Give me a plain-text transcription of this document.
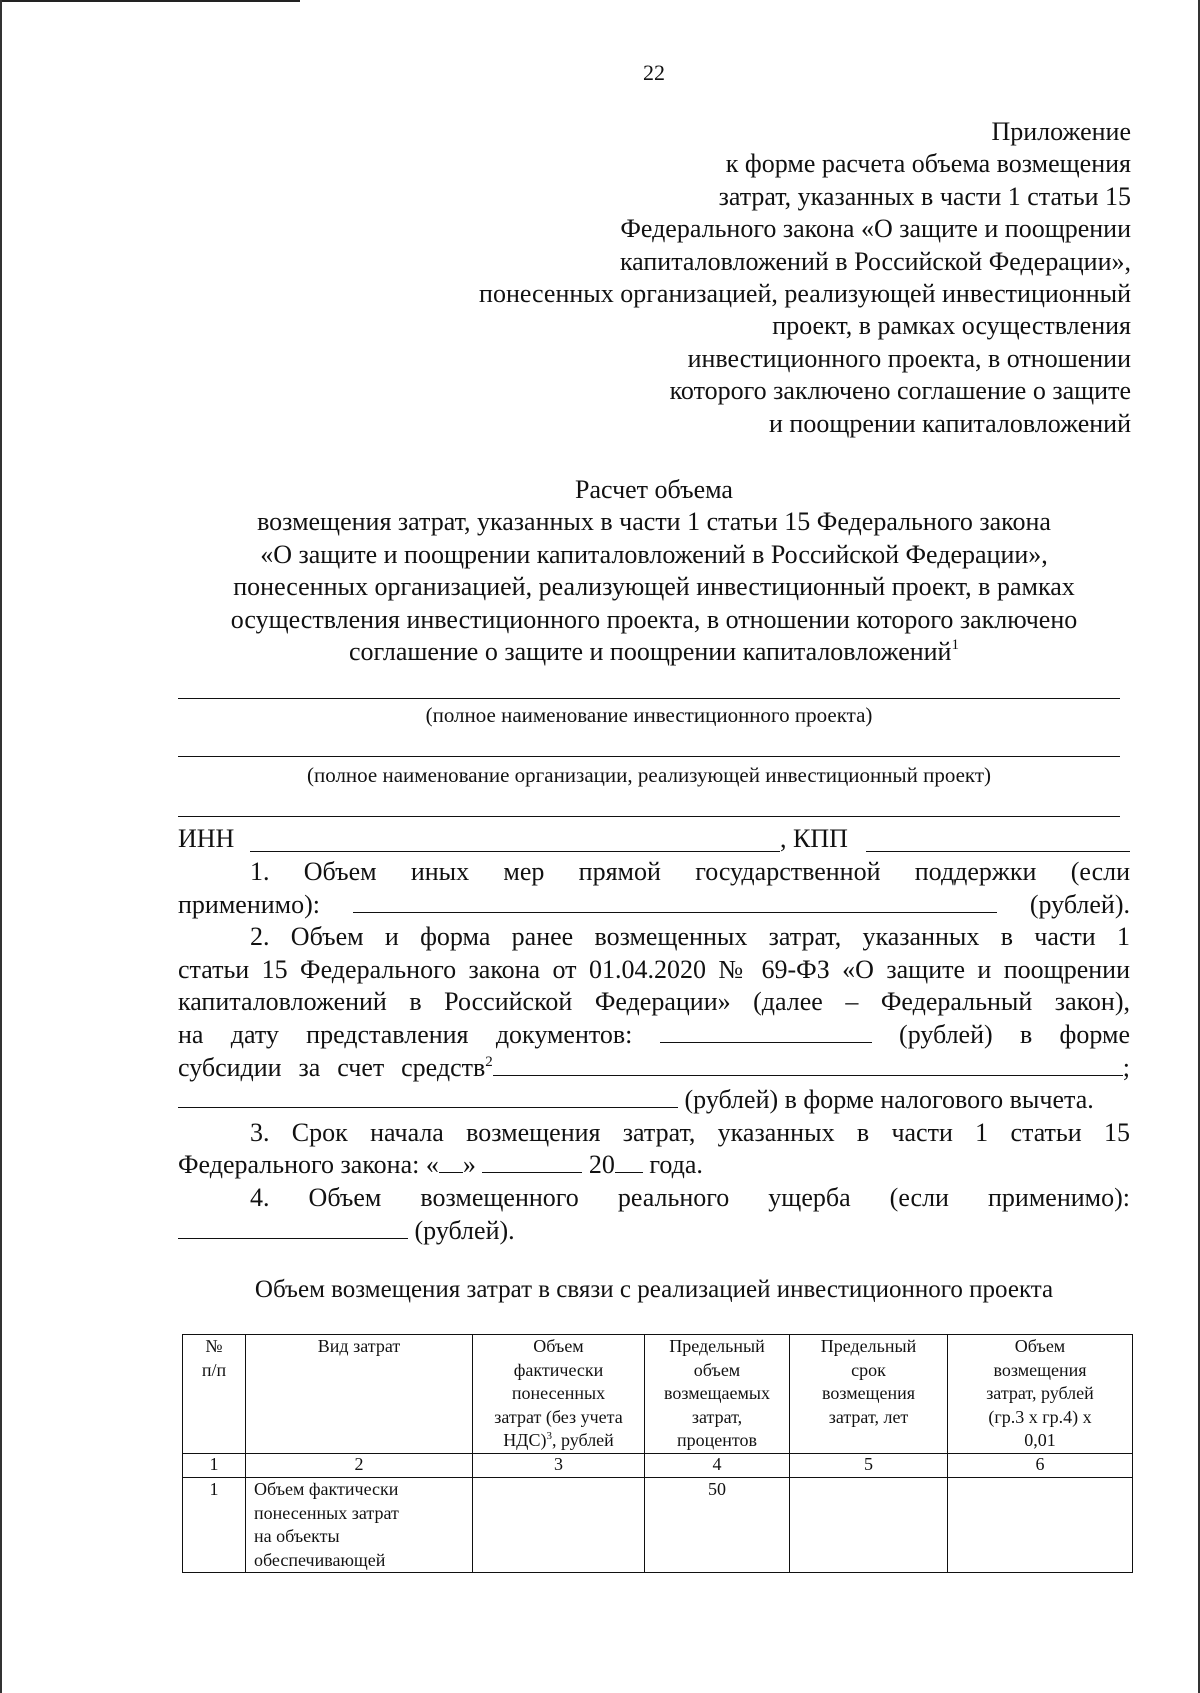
22
Приложение
к форме расчета объема возмещения
затрат, указанных в части 1 статьи 15
Федерального закона «О защите и поощрении
капиталовложений в Российской Федерации»,
понесенных организацией, реализующей инвестиционный
проект, в рамках осуществления
инвестиционного проекта, в отношении
которого заключено соглашение о защите
и поощрении капиталовложений
Расчет объема
возмещения затрат, указанных в части 1 статьи 15 Федерального закона
«О защите и поощрении капиталовложений в Российской Федерации»,
понесенных организацией, реализующей инвестиционный проект, в рамках
осуществления инвестиционного проекта, в отношении которого заключено
соглашение о защите и поощрении капиталовложений$^1$
(полное наименование инвестиционного проекта)
(полное наименование организации, реализующей инвестиционный проект)
ИНН	, КПП

1. Объем иных мер прямой государственной поддержки (если

применимо):	(рублей).

2. Объем и форма ранее возмещенных затрат, указанных в части 1

статьи 15 Федерального закона от 01.04.2020 № 69-ФЗ «О защите и поощрении

капиталовложений в Российской Федерации» (далее – Федеральный закон),

на дату представления документов:	(рублей) в форме

субсидии за счет средств$^2$	;

(рублей) в форме налогового вычета.

3. Срок начала возмещения затрат, указанных в части 1 статьи 15

Федерального закона: « »	20 года.

4. Объем возмещенного реального ущерба (если применимо):

(рублей).

Объем возмещения затрат в связи с реализацией инвестиционного проекта
№
п/п	Вид затрат	Объем
фактически
понесенных
затрат (без учета
НДС)$^3$, рублей	Предельный
объем
возмещаемых
затрат,
процентов	Предельный
срок
возмещения
затрат, лет	Объем
возмещения
затрат, рублей
(гр.3 х гр.4) х
0,01
1	2	3	4	5	6
1	Объем фактически
понесенных затрат
на объекты
обеспечивающей		50		
